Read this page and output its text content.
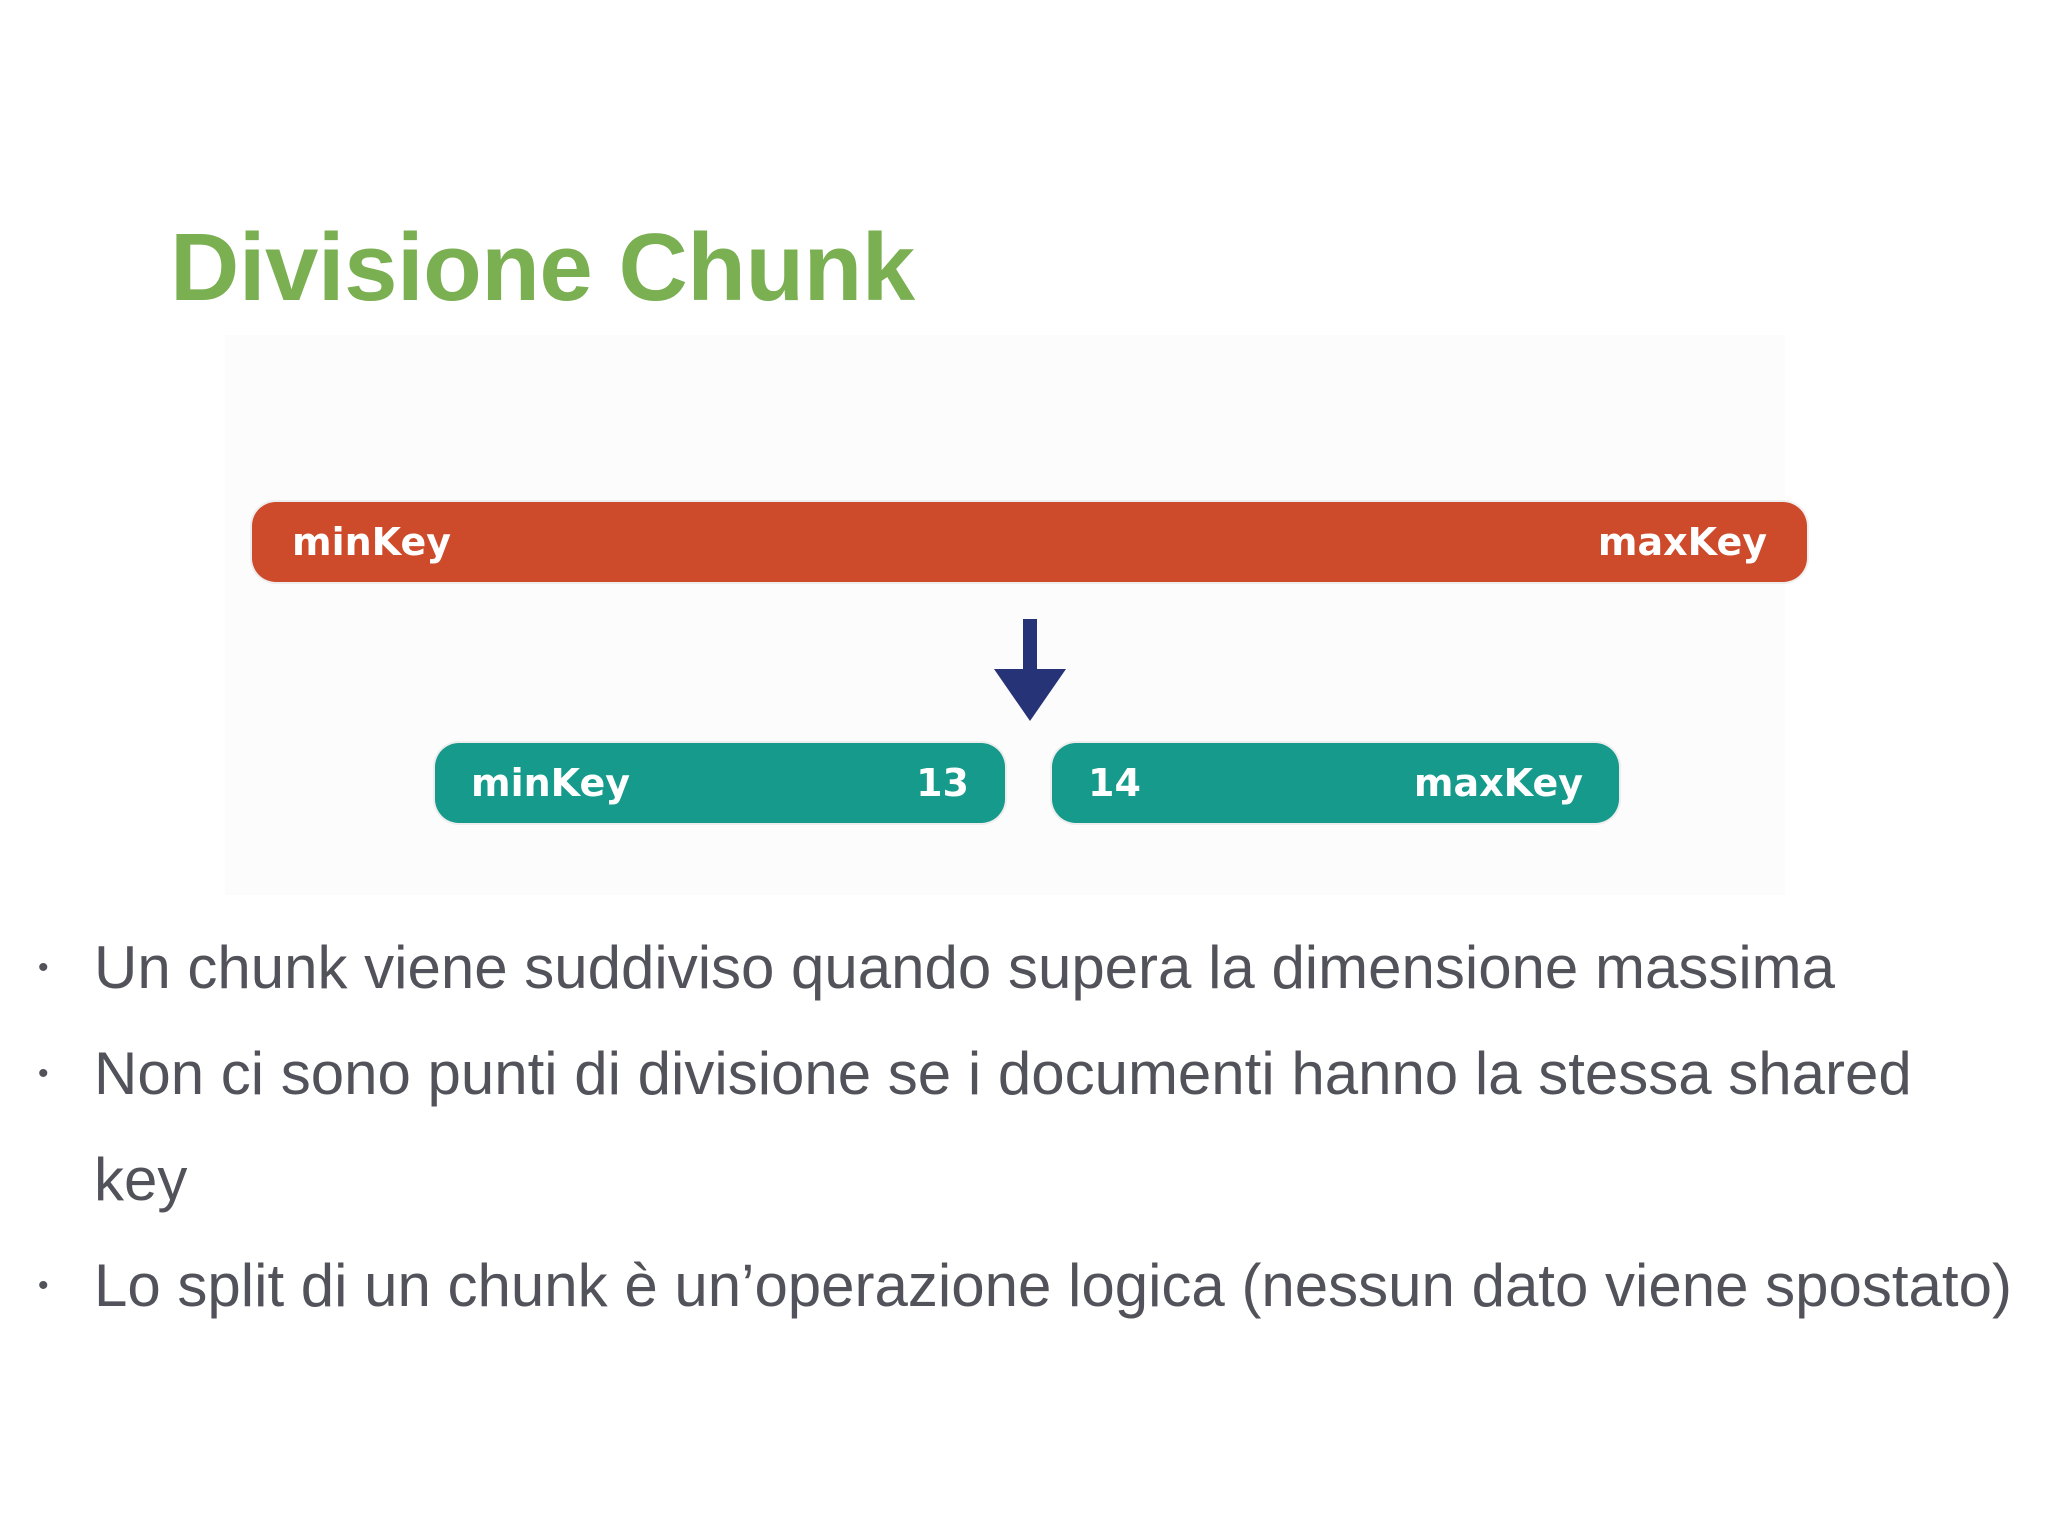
Divisione Chunk
minKey	maxKey
minKey	13	14	maxKey
• Un chunk viene suddiviso quando supera la dimensione massima
• Non ci sono punti di divisione se i documenti hanno la stessa shared key
• Lo split di un chunk è un’operazione logica (nessun dato viene spostato)
